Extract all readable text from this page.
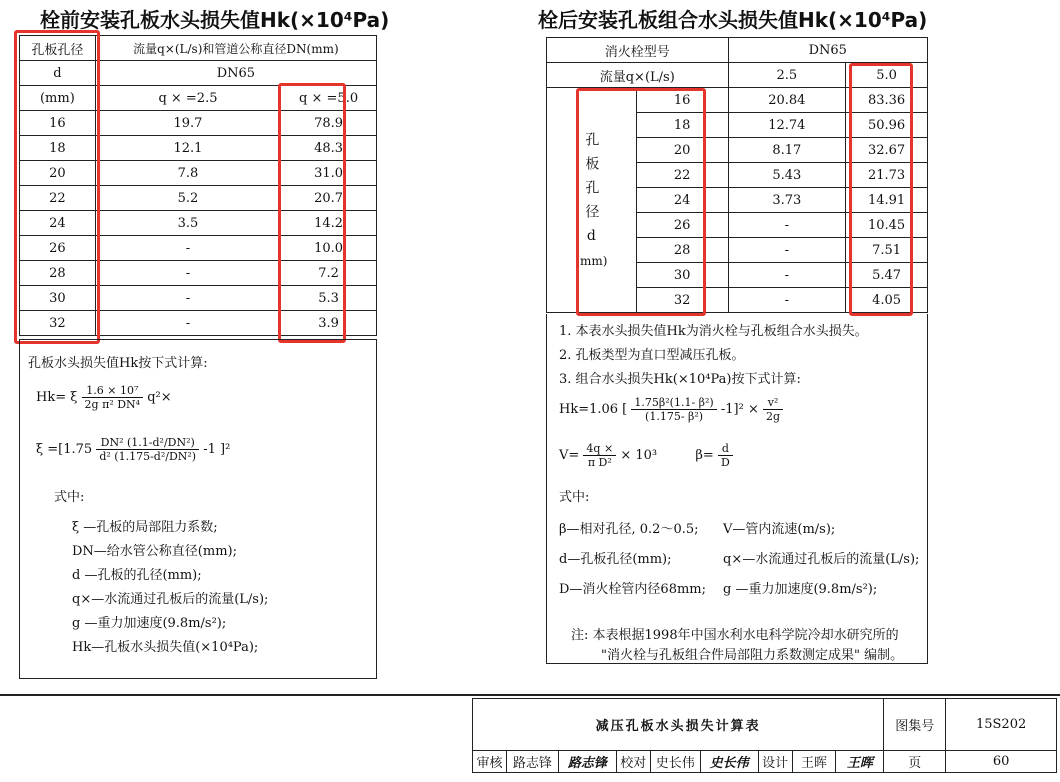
栓前安装孔板水头损失值Hk(×10⁴Pa)	栓后安装孔板组合水头损失值Hk(×10⁴Pa)
孔板孔径	流量q×(L/s)和管道公称直径DN(mm)	
d	DN65	
(mm)	q × =2.5	q × =5.0
16	19.7	78.9
18	12.1	48.3
20	7.8	31.0
22	5.2	20.7
24	3.5	14.2
26	-	10.0
28	-	7.2
30	-	5.3
32	-	3.9
孔板水头损失值Hk按下式计算:
Hk= ξ $\frac{\text{1.6 × 10⁷}}{\text{2g π² DN⁴}} q^2\times$
$\xi =[1.75 \frac{\text{DN² (1.1-d²/DN²)}}{\text{d² (1.175-d²/DN²)}} -1$ ]²
式中:
ξ —孔板的局部阻力系数;
DN—给水管公称直径(mm);
d —孔板的孔径(mm);
q×—水流通过孔板后的流量(L/s);
g —重力加速度(9.8m/s²);
Hk—孔板水头损失值(×10⁴Pa);
消火栓型号		DN65	
流量q×(L/s)		2.5	5.0

孔板孔径d
(mm)	16	20.84	83.36
	18	12.74	50.96
	20	8.17	32.67
	22	5.43	21.73
	24	3.73	14.91
	26	-	10.45
	28	-	7.51
	30	-	5.47
	32	-	4.05
1. 本表水头损失值Hk为消火栓与孔板组合水头损失。
2. 孔板类型为直口型减压孔板。
3. 组合水头损失Hk(×10⁴Pa)按下式计算:
Hk=1.06 [ $\frac{\text{1.75β²(1.1- β²)}}{\text{(1.175- β²)}} -1]^2 \times \frac{\text{v²}}{2g}$
$V= \frac{4q \times}{\text{π D²}} \times 10^3$	$\beta= \frac{d}{D}$
式中:
β—相对孔径, 0.2～0.5; V—管内流速(m/s);
d—孔板孔径(mm);	q×—水流通过孔板后的流量(L/s);
D—消火栓管内径68mm; g —重力加速度(9.8m/s²);
注: 本表根据1998年中国水利水电科学院冷却水研究所的
"消火栓与孔板组合件局部阻力系数测定成果" 编制。
减压孔板水头损失计算表									图集号	15S202
审核	路志锋	路志锋	校对	史长伟	史长伟	设计	王晖	王晖	页	60
